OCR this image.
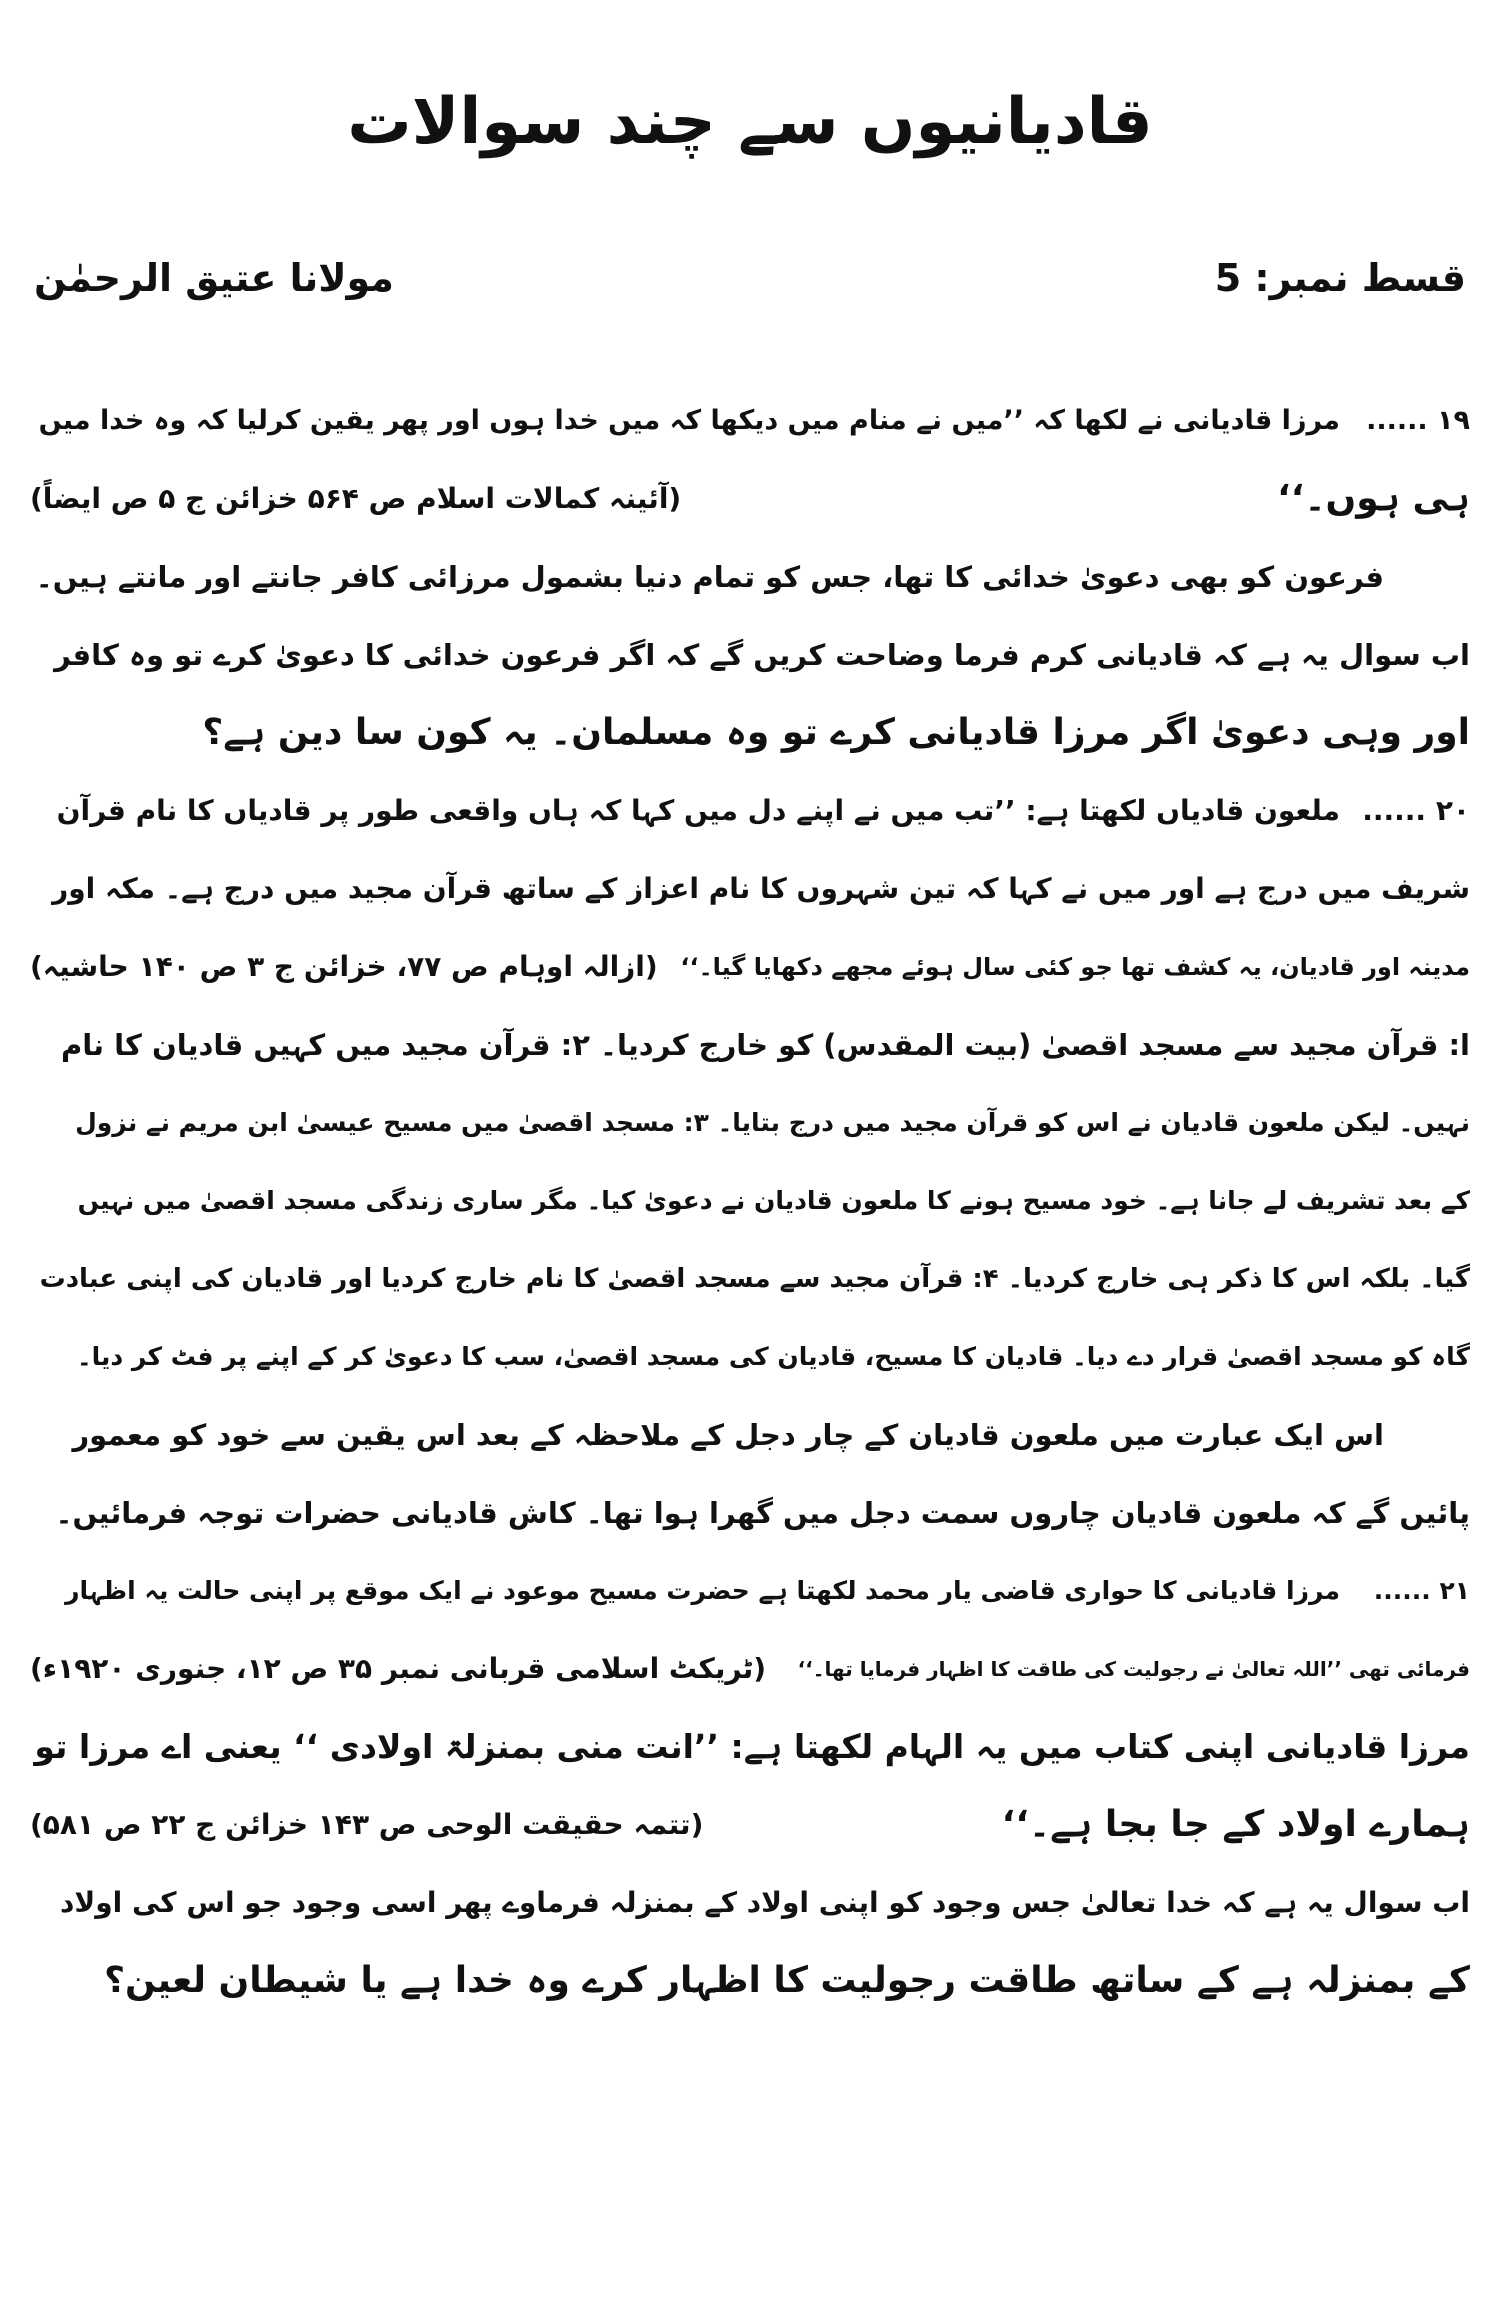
قادیانیوں سے چند سوالات
قسط نمبر: 5
مولانا عتیق الرحمٰن
۱۹ ......مرزا قادیانی نے لکھا کہ ’’میں نے منام میں دیکھا کہ میں خدا ہوں اور پھر یقین کرلیا کہ وہ خدا میں
ہی ہوں۔‘‘
(آئینہ کمالات اسلام ص ۵۶۴ خزائن ج ۵ ص ایضاً)
فرعون کو بھی دعویٰ خدائی کا تھا، جس کو تمام دنیا بشمول مرزائی کافر جانتے اور مانتے ہیں۔
اب سوال یہ ہے کہ قادیانی کرم فرما وضاحت کریں گے کہ اگر فرعون خدائی کا دعویٰ کرے تو وہ کافر
اور وہی دعویٰ اگر مرزا قادیانی کرے تو وہ مسلمان۔ یہ کون سا دین ہے؟
۲۰ ......ملعون قادیاں لکھتا ہے: ’’تب میں نے اپنے دل میں کہا کہ ہاں واقعی طور پر قادیاں کا نام قرآن
شریف میں درج ہے اور میں نے کہا کہ تین شہروں کا نام اعزاز کے ساتھ قرآن مجید میں درج ہے۔ مکہ اور
مدینہ اور قادیان، یہ کشف تھا جو کئی سال ہوئے مجھے دکھایا گیا۔‘‘
(ازالہ اوہام ص ۷۷، خزائن ج ۳ ص ۱۴۰ حاشیہ)
ا: قرآن مجید سے مسجد اقصیٰ (بیت المقدس) کو خارج کردیا۔ ۲: قرآن مجید میں کہیں قادیان کا نام
نہیں۔ لیکن ملعون قادیان نے اس کو قرآن مجید میں درج بتایا۔ ۳: مسجد اقصیٰ میں مسیح عیسیٰ ابن مریم نے نزول
کے بعد تشریف لے جانا ہے۔ خود مسیح ہونے کا ملعون قادیان نے دعویٰ کیا۔ مگر ساری زندگی مسجد اقصیٰ میں نہیں
گیا۔ بلکہ اس کا ذکر ہی خارج کردیا۔ ۴: قرآن مجید سے مسجد اقصیٰ کا نام خارج کردیا اور قادیان کی اپنی عبادت
گاہ کو مسجد اقصیٰ قرار دے دیا۔ قادیان کا مسیح، قادیان کی مسجد اقصیٰ، سب کا دعویٰ کر کے اپنے پر فٹ کر دیا۔
اس ایک عبارت میں ملعون قادیان کے چار دجل کے ملاحظہ کے بعد اس یقین سے خود کو معمور
پائیں گے کہ ملعون قادیان چاروں سمت دجل میں گھرا ہوا تھا۔ کاش قادیانی حضرات توجہ فرمائیں۔
۲۱ ......مرزا قادیانی کا حواری قاضی یار محمد لکھتا ہے حضرت مسیح موعود نے ایک موقع پر اپنی حالت یہ اظہار
فرمائی تھی ’’اللہ تعالیٰ نے رجولیت کی طاقت کا اظہار فرمایا تھا۔‘‘
(ٹریکٹ اسلامی قربانی نمبر ۳۵ ص ۱۲، جنوری ۱۹۲۰ء)
مرزا قادیانی اپنی کتاب میں یہ الہام لکھتا ہے: ’’انت منی بمنزلۃ اولادی ‘‘ یعنی اے مرزا تو
ہمارے اولاد کے جا بجا ہے۔‘‘
(تتمہ حقیقت الوحی ص ۱۴۳ خزائن ج ۲۲ ص ۵۸۱)
اب سوال یہ ہے کہ خدا تعالیٰ جس وجود کو اپنی اولاد کے بمنزلہ فرماوے پھر اسی وجود جو اس کی اولاد
کے بمنزلہ ہے کے ساتھ طاقت رجولیت کا اظہار کرے وہ خدا ہے یا شیطان لعین؟
